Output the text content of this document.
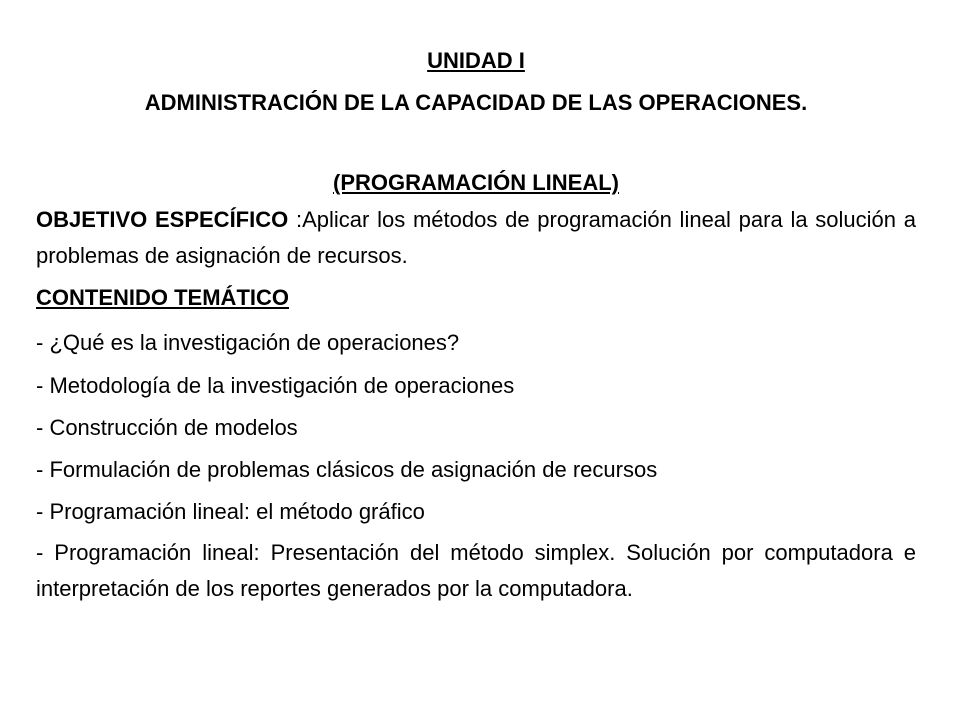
UNIDAD I
ADMINISTRACIÓN DE LA CAPACIDAD DE LAS OPERACIONES.
(PROGRAMACIÓN LINEAL)
OBJETIVO ESPECÍFICO :Aplicar los métodos de programación lineal para la solución a problemas de asignación de recursos.
CONTENIDO TEMÁTICO
- ¿Qué es la investigación de operaciones?
- Metodología de la investigación de operaciones
- Construcción de modelos
- Formulación de problemas clásicos de asignación de recursos
- Programación lineal: el método gráfico
- Programación lineal: Presentación del método simplex. Solución por computadora e interpretación de los reportes generados por la computadora.
